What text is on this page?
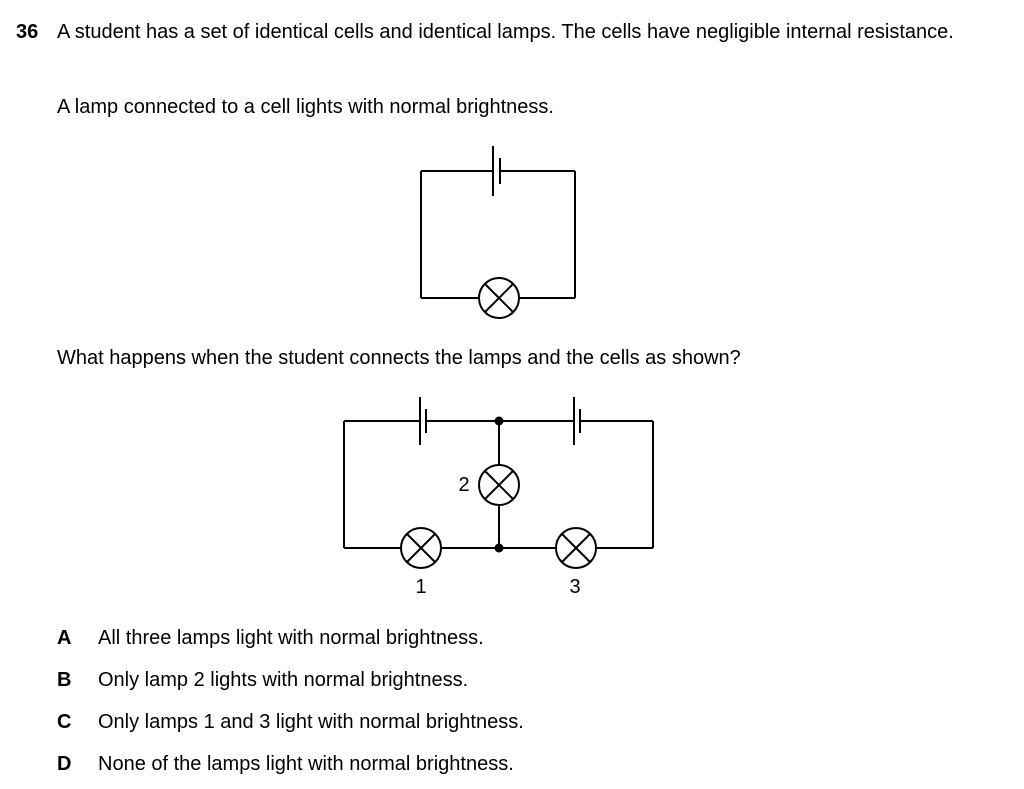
36 A student has a set of identical cells and identical lamps. The cells have negligible internal resistance.
A lamp connected to a cell lights with normal brightness.
What happens when the student connects the lamps and the cells as shown?
2
1	3
A All three lamps light with normal brightness.
B Only lamp 2 lights with normal brightness.
C Only lamps 1 and 3 light with normal brightness.
D None of the lamps light with normal brightness.
